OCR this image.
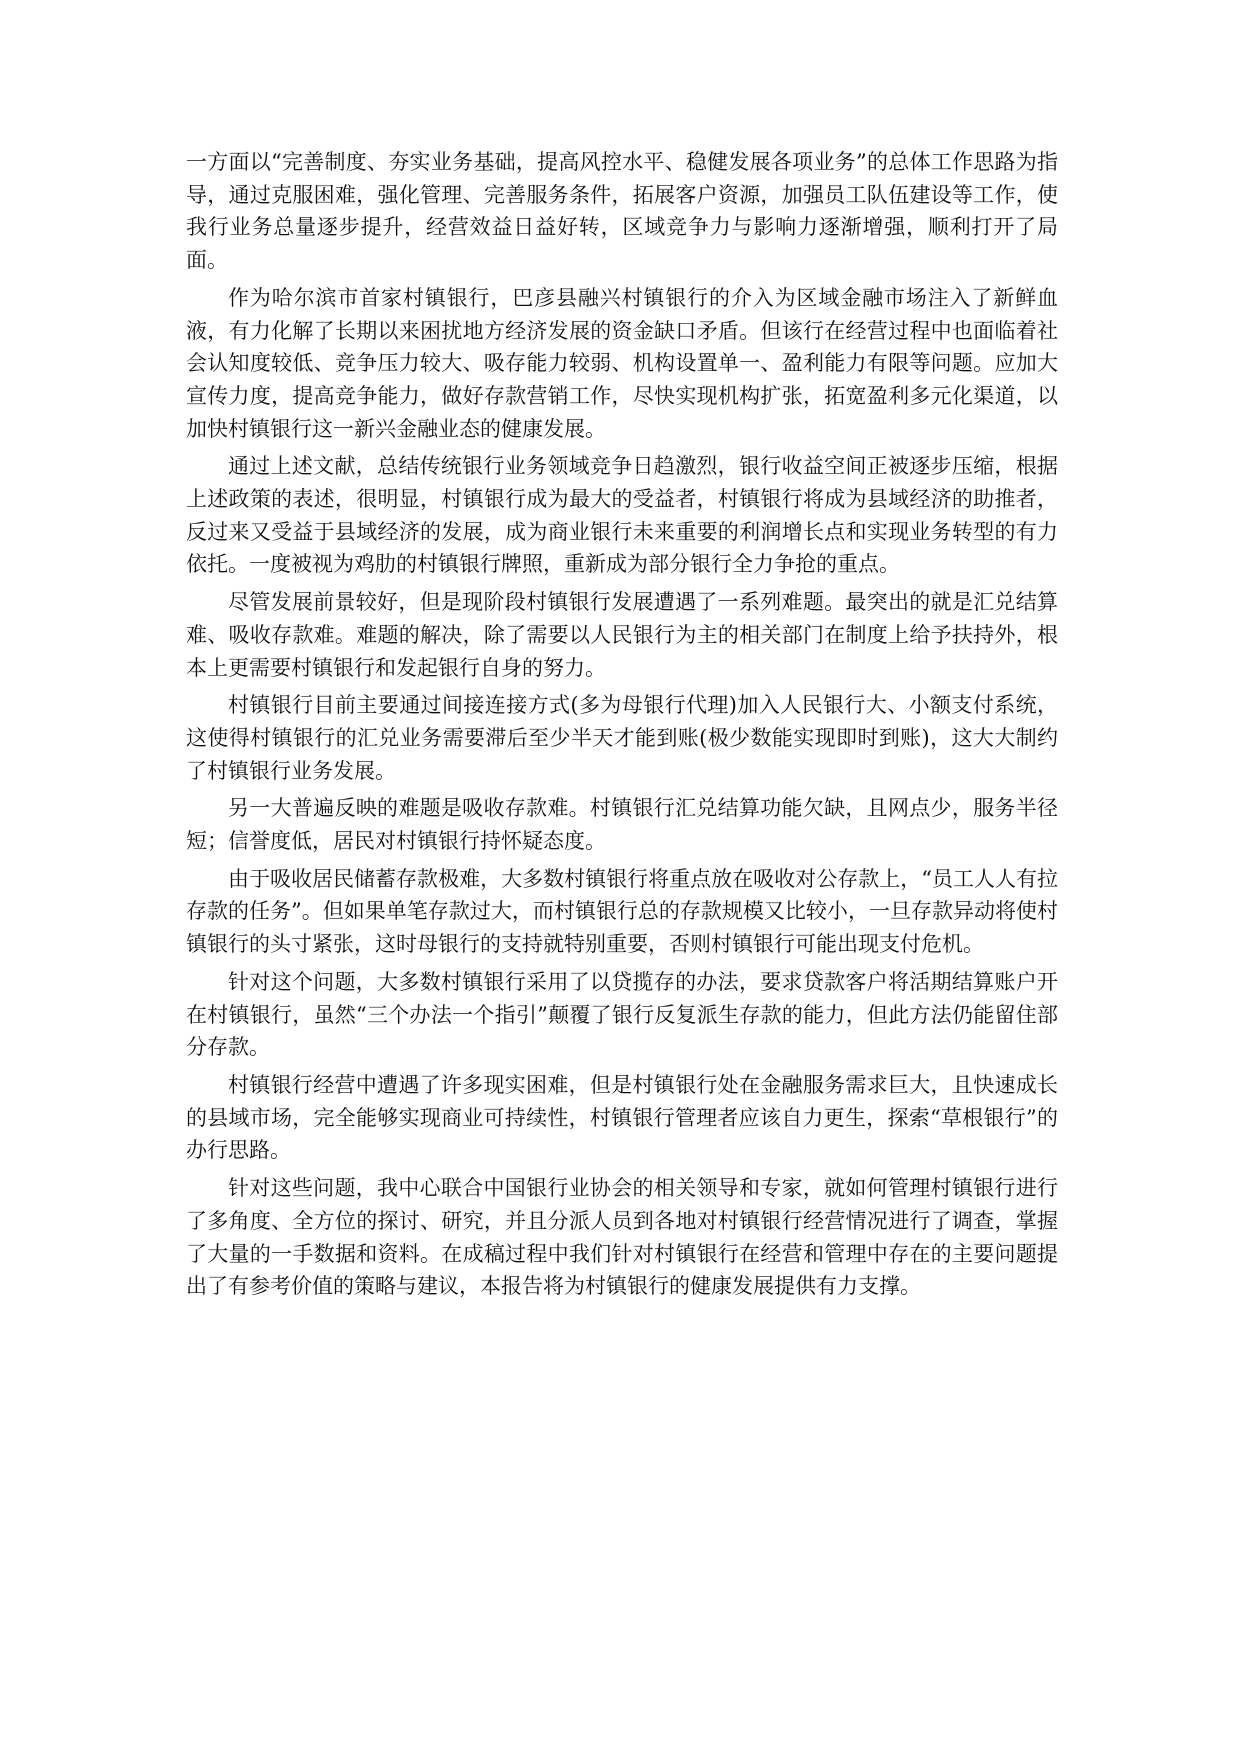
一方面以“完善制度、夯实业务基础，提高风控水平、稳健发展各项业务”的总体工作思路为指导，通过克服困难，强化管理、完善服务条件，拓展客户资源，加强员工队伍建设等工作，使我行业务总量逐步提升，经营效益日益好转，区域竞争力与影响力逐渐增强，顺利打开了局面。

作为哈尔滨市首家村镇银行，巴彦县融兴村镇银行的介入为区域金融市场注入了新鲜血液，有力化解了长期以来困扰地方经济发展的资金缺口矛盾。但该行在经营过程中也面临着社会认知度较低、竞争压力较大、吸存能力较弱、机构设置单一、盈利能力有限等问题。应加大宣传力度，提高竞争能力，做好存款营销工作，尽快实现机构扩张，拓宽盈利多元化渠道，以加快村镇银行这一新兴金融业态的健康发展。

通过上述文献，总结传统银行业务领域竞争日趋激烈，银行收益空间正被逐步压缩，根据上述政策的表述，很明显，村镇银行成为最大的受益者，村镇银行将成为县域经济的助推者，反过来又受益于县域经济的发展，成为商业银行未来重要的利润增长点和实现业务转型的有力依托。一度被视为鸡肋的村镇银行牌照，重新成为部分银行全力争抢的重点。

尽管发展前景较好，但是现阶段村镇银行发展遭遇了一系列难题。最突出的就是汇兑结算难、吸收存款难。难题的解决，除了需要以人民银行为主的相关部门在制度上给予扶持外，根本上更需要村镇银行和发起银行自身的努力。

村镇银行目前主要通过间接连接方式(多为母银行代理)加入人民银行大、小额支付系统，这使得村镇银行的汇兑业务需要滞后至少半天才能到账(极少数能实现即时到账)，这大大制约了村镇银行业务发展。

另一大普遍反映的难题是吸收存款难。村镇银行汇兑结算功能欠缺，且网点少，服务半径短；信誉度低，居民对村镇银行持怀疑态度。

由于吸收居民储蓄存款极难，大多数村镇银行将重点放在吸收对公存款上，“员工人人有拉存款的任务”。但如果单笔存款过大，而村镇银行总的存款规模又比较小，一旦存款异动将使村镇银行的头寸紧张，这时母银行的支持就特别重要，否则村镇银行可能出现支付危机。

针对这个问题，大多数村镇银行采用了以贷揽存的办法，要求贷款客户将活期结算账户开在村镇银行，虽然“三个办法一个指引”颠覆了银行反复派生存款的能力，但此方法仍能留住部分存款。

村镇银行经营中遭遇了许多现实困难，但是村镇银行处在金融服务需求巨大，且快速成长的县域市场，完全能够实现商业可持续性，村镇银行管理者应该自力更生，探索“草根银行”的办行思路。

针对这些问题，我中心联合中国银行业协会的相关领导和专家，就如何管理村镇银行进行了多角度、全方位的探讨、研究，并且分派人员到各地对村镇银行经营情况进行了调查，掌握了大量的一手数据和资料。在成稿过程中我们针对村镇银行在经营和管理中存在的主要问题提出了有参考价值的策略与建议，本报告将为村镇银行的健康发展提供有力支撑。
